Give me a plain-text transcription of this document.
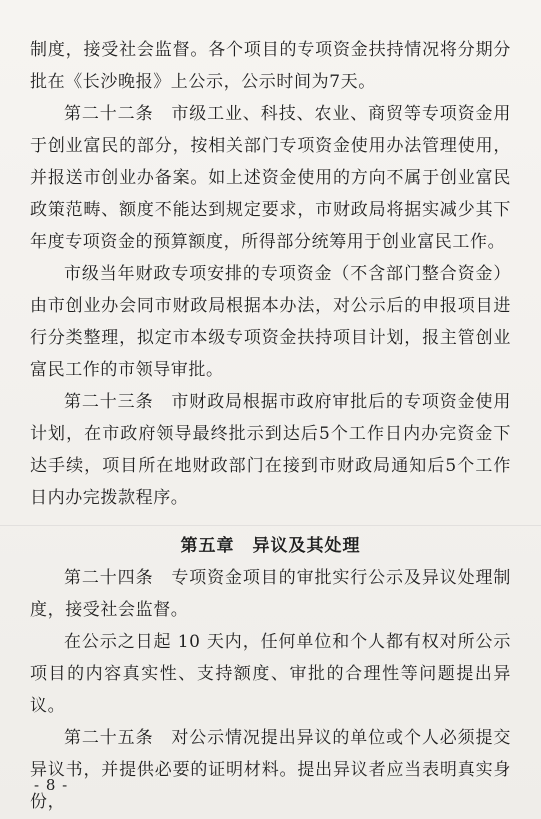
制度，接受社会监督。各个项目的专项资金扶持情况将分期分批在《长沙晚报》上公示，公示时间为7天。

第二十二条　市级工业、科技、农业、商贸等专项资金用于创业富民的部分，按相关部门专项资金使用办法管理使用，并报送市创业办备案。如上述资金使用的方向不属于创业富民政策范畴、额度不能达到规定要求，市财政局将据实减少其下年度专项资金的预算额度，所得部分统筹用于创业富民工作。

市级当年财政专项安排的专项资金（不含部门整合资金）由市创业办会同市财政局根据本办法，对公示后的申报项目进行分类整理，拟定市本级专项资金扶持项目计划，报主管创业富民工作的市领导审批。

第二十三条　市财政局根据市政府审批后的专项资金使用计划，在市政府领导最终批示到达后5个工作日内办完资金下达手续，项目所在地财政部门在接到市财政局通知后5个工作日内办完拨款程序。

第五章　异议及其处理

第二十四条　专项资金项目的审批实行公示及异议处理制度，接受社会监督。

在公示之日起 10 天内，任何单位和个人都有权对所公示项目的内容真实性、支持额度、审批的合理性等问题提出异议。

第二十五条　对公示情况提出异议的单位或个人必须提交异议书，并提供必要的证明材料。提出异议者应当表明真实身份，

- 8 -
